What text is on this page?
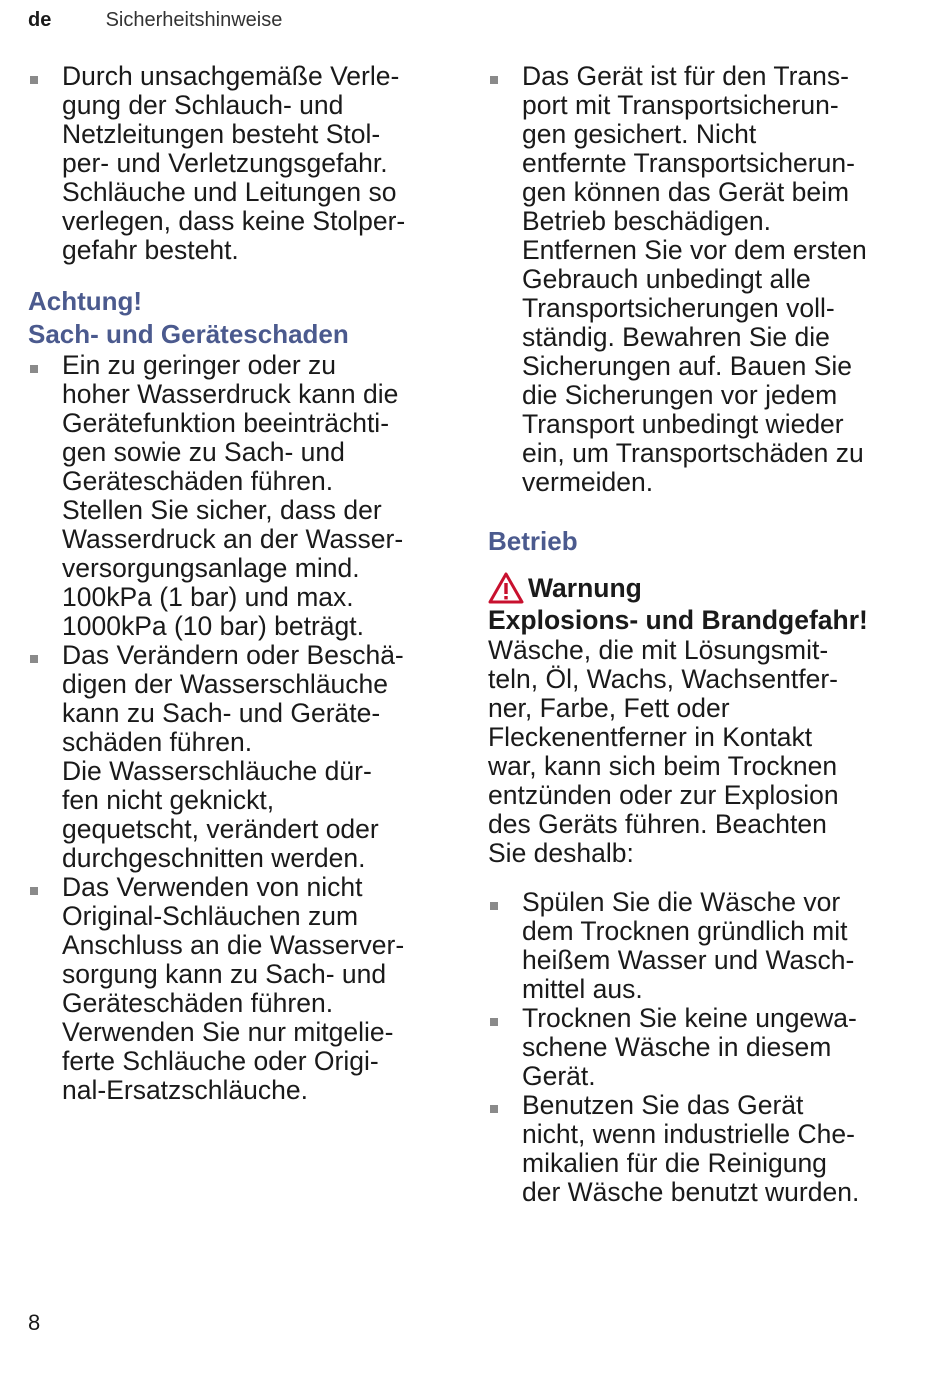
de	Sicherheitshinweise

Durch unsachgemäße Verle-

gung der Schlauch- und

Netzleitungen besteht Stol-

per- und Verletzungsgefahr.

Schläuche und Leitungen so

verlegen, dass keine Stolper-

gefahr besteht.

Achtung!

Sach- und Geräteschaden

Ein zu geringer oder zu

hoher Wasserdruck kann die

Gerätefunktion beeinträchti-

gen sowie zu Sach- und

Geräteschäden führen.

Stellen Sie sicher, dass der

Wasserdruck an der Wasser-

versorgungsanlage mind.

100kPa (1 bar) und max.

1000kPa (10 bar) beträgt.

Das Verändern oder Beschä-

digen der Wasserschläuche

kann zu Sach- und Geräte-

schäden führen.

Die Wasserschläuche dür-

fen nicht geknickt,

gequetscht, verändert oder

durchgeschnitten werden.

Das Verwenden von nicht

Original-Schläuchen zum

Anschluss an die Wasserver-

sorgung kann zu Sach- und

Geräteschäden führen.

Verwenden Sie nur mitgelie-

ferte Schläuche oder Origi-

nal-Ersatzschläuche.

Das Gerät ist für den Trans-

port mit Transportsicherun-

gen gesichert. Nicht

entfernte Transportsicherun-

gen können das Gerät beim

Betrieb beschädigen.

Entfernen Sie vor dem ersten

Gebrauch unbedingt alle

Transportsicherungen voll-

ständig. Bewahren Sie die

Sicherungen auf. Bauen Sie

die Sicherungen vor jedem

Transport unbedingt wieder

ein, um Transportschäden zu

vermeiden.

Betrieb

Warnung

Explosions- und Brandgefahr!

Wäsche, die mit Lösungsmit-

teln, Öl, Wachs, Wachsentfer-

ner, Farbe, Fett oder

Fleckenentferner in Kontakt

war, kann sich beim Trocknen

entzünden oder zur Explosion

des Geräts führen. Beachten

Sie deshalb:

Spülen Sie die Wäsche vor

dem Trocknen gründlich mit

heißem Wasser und Wasch-

mittel aus.

Trocknen Sie keine ungewa-

schene Wäsche in diesem

Gerät.

Benutzen Sie das Gerät

nicht, wenn industrielle Che-

mikalien für die Reinigung

der Wäsche benutzt wurden.

8
